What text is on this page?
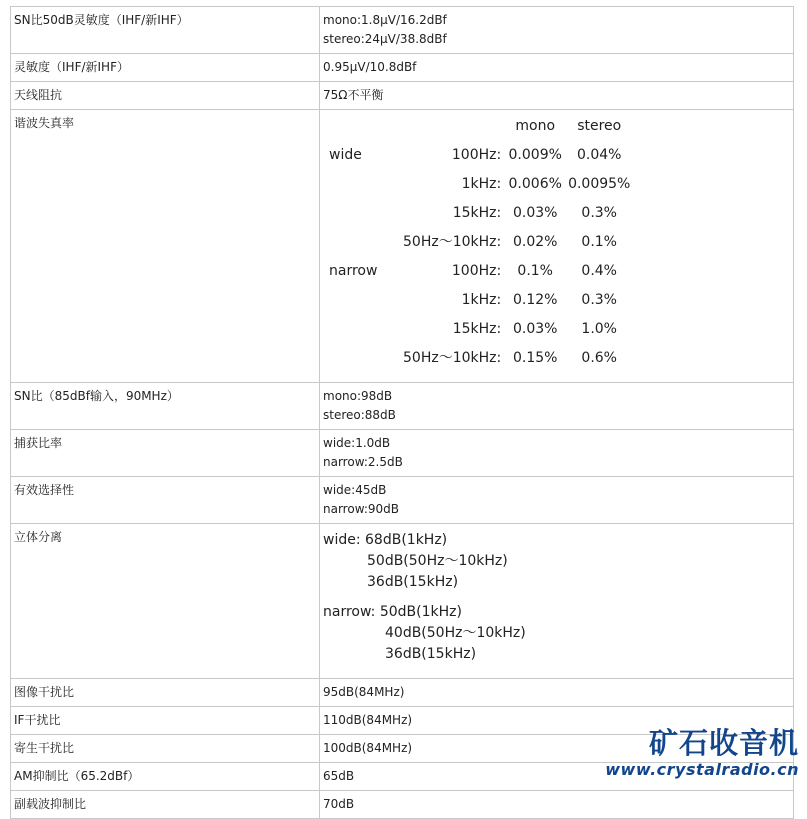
SN比50dB灵敏度（IHF/新IHF）	mono:1.8μV/16.2dBf
stereo:24μV/38.8dBf

灵敏度（IHF/新IHF）	0.95μV/10.8dBf

天线阻抗	75Ω不平衡

谐波失真率	
			mono	stereo
wide	100Hz:	0.009%	0.04%
	1kHz:	0.006%	0.0095%
	15kHz:	0.03%	0.3%
	50Hz～10kHz:	0.02%	0.1%
narrow	100Hz:	0.1%	0.4%
	1kHz:	0.12%	0.3%
	15kHz:	0.03%	1.0%
	50Hz～10kHz:	0.15%	0.6%

SN比（85dBf输入，90MHz）	mono:98dB
stereo:88dB

捕获比率	wide:1.0dB
narrow:2.5dB

有效选择性	wide:45dB
narrow:90dB

立体分离	wide: 68dB(1kHz)
50dB(50Hz～10kHz)
36dB(15kHz)
narrow: 50dB(1kHz)
40dB(50Hz～10kHz)
36dB(15kHz)

图像干扰比	95dB(84MHz)

IF干扰比	110dB(84MHz)

寄生干扰比	100dB(84MHz)

AM抑制比（65.2dBf）	65dB

副载波抑制比	70dB
矿石收音机
www.crystalradio.cn
